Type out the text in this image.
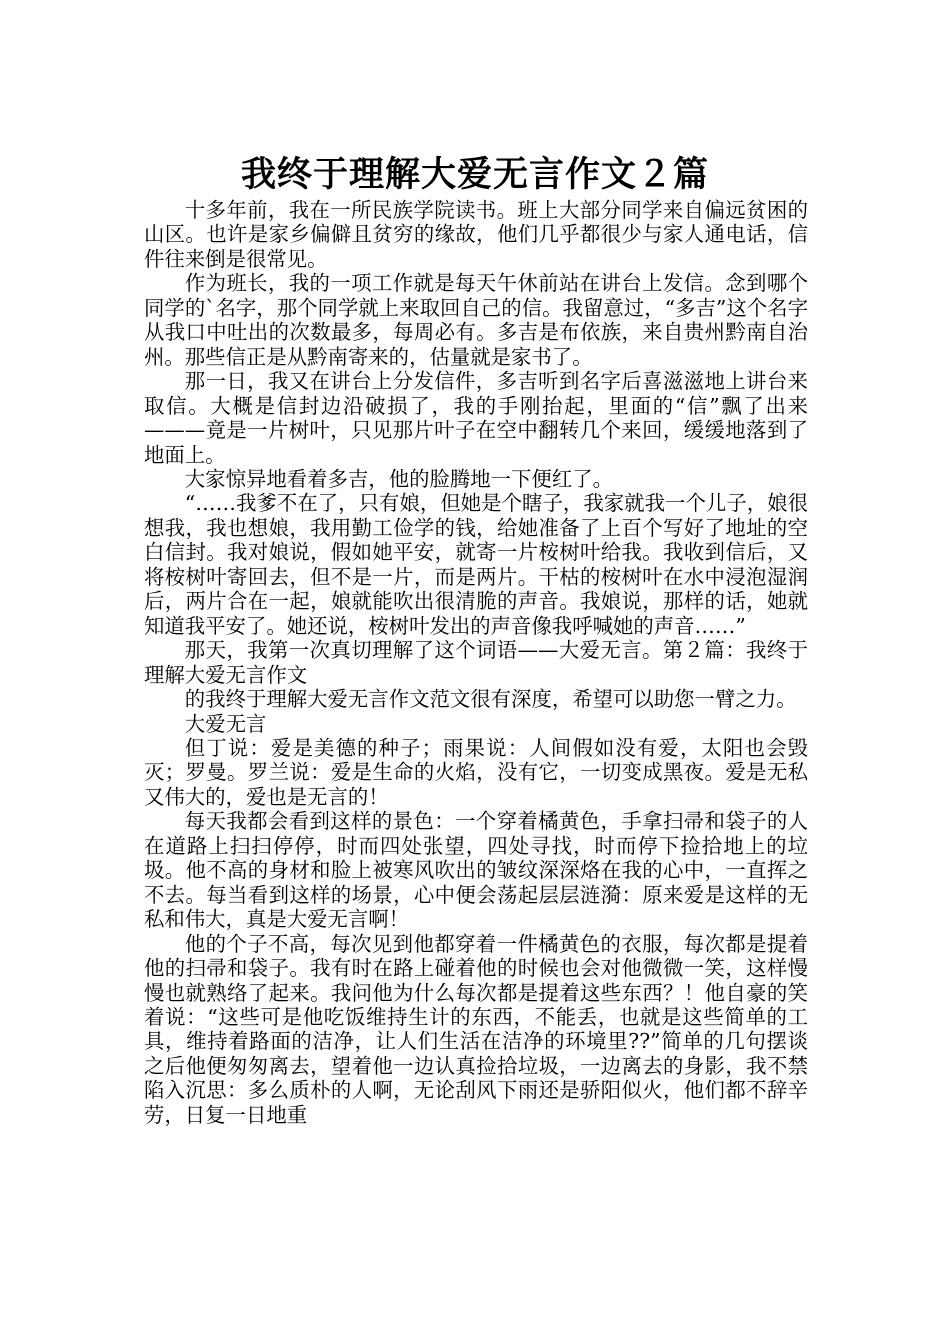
我终于理解大爱无言作文２篇

十多年前，我在一所民族学院读书。班上大部分同学来自偏远贫困的山区。也许是家乡偏僻且贫穷的缘故，他们几乎都很少与家人通电话，信件往来倒是很常见。

作为班长，我的一项工作就是每天午休前站在讲台上发信。念到哪个同学的`名字，那个同学就上来取回自己的信。我留意过，“多吉”这个名字从我口中吐出的次数最多，每周必有。多吉是布依族，来自贵州黔南自治州。那些信正是从黔南寄来的，估量就是家书了。

那一日，我又在讲台上分发信件，多吉听到名字后喜滋滋地上讲台来取信。大概是信封边沿破损了，我的手刚抬起，里面的“信”飘了出来———竟是一片树叶，只见那片叶子在空中翻转几个来回，缓缓地落到了地面上。

大家惊异地看着多吉，他的脸腾地一下便红了。

“……我爹不在了，只有娘，但她是个瞎子，我家就我一个儿子，娘很想我，我也想娘，我用勤工俭学的钱，给她准备了上百个写好了地址的空白信封。我对娘说，假如她平安，就寄一片桉树叶给我。我收到信后，又将桉树叶寄回去，但不是一片，而是两片。干枯的桉树叶在水中浸泡湿润后，两片合在一起，娘就能吹出很清脆的声音。我娘说，那样的话，她就知道我平安了。她还说，桉树叶发出的声音像我呼喊她的声音……”

那天，我第一次真切理解了这个词语——大爱无言。第２篇：我终于理解大爱无言作文

的我终于理解大爱无言作文范文很有深度，希望可以助您一臂之力。

大爱无言

但丁说：爱是美德的种子；雨果说：人间假如没有爱，太阳也会毁灭；罗曼。罗兰说：爱是生命的火焰，没有它，一切变成黑夜。爱是无私又伟大的，爱也是无言的！

每天我都会看到这样的景色：一个穿着橘黄色，手拿扫帚和袋子的人在道路上扫扫停停，时而四处张望，四处寻找，时而停下捡拾地上的垃圾。他不高的身材和脸上被寒风吹出的皱纹深深烙在我的心中，一直挥之不去。每当看到这样的场景，心中便会荡起层层涟漪：原来爱是这样的无私和伟大，真是大爱无言啊！

他的个子不高，每次见到他都穿着一件橘黄色的衣服，每次都是提着他的扫帚和袋子。我有时在路上碰着他的时候也会对他微微一笑，这样慢慢也就熟络了起来。我问他为什么每次都是提着这些东西？！他自豪的笑着说：“这些可是他吃饭维持生计的东西，不能丢，也就是这些简单的工具，维持着路面的洁净，让人们生活在洁净的环境里??”简单的几句摆谈之后他便匆匆离去，望着他一边认真捡拾垃圾，一边离去的身影，我不禁陷入沉思：多么质朴的人啊，无论刮风下雨还是骄阳似火，他们都不辞辛劳，日复一日地重
